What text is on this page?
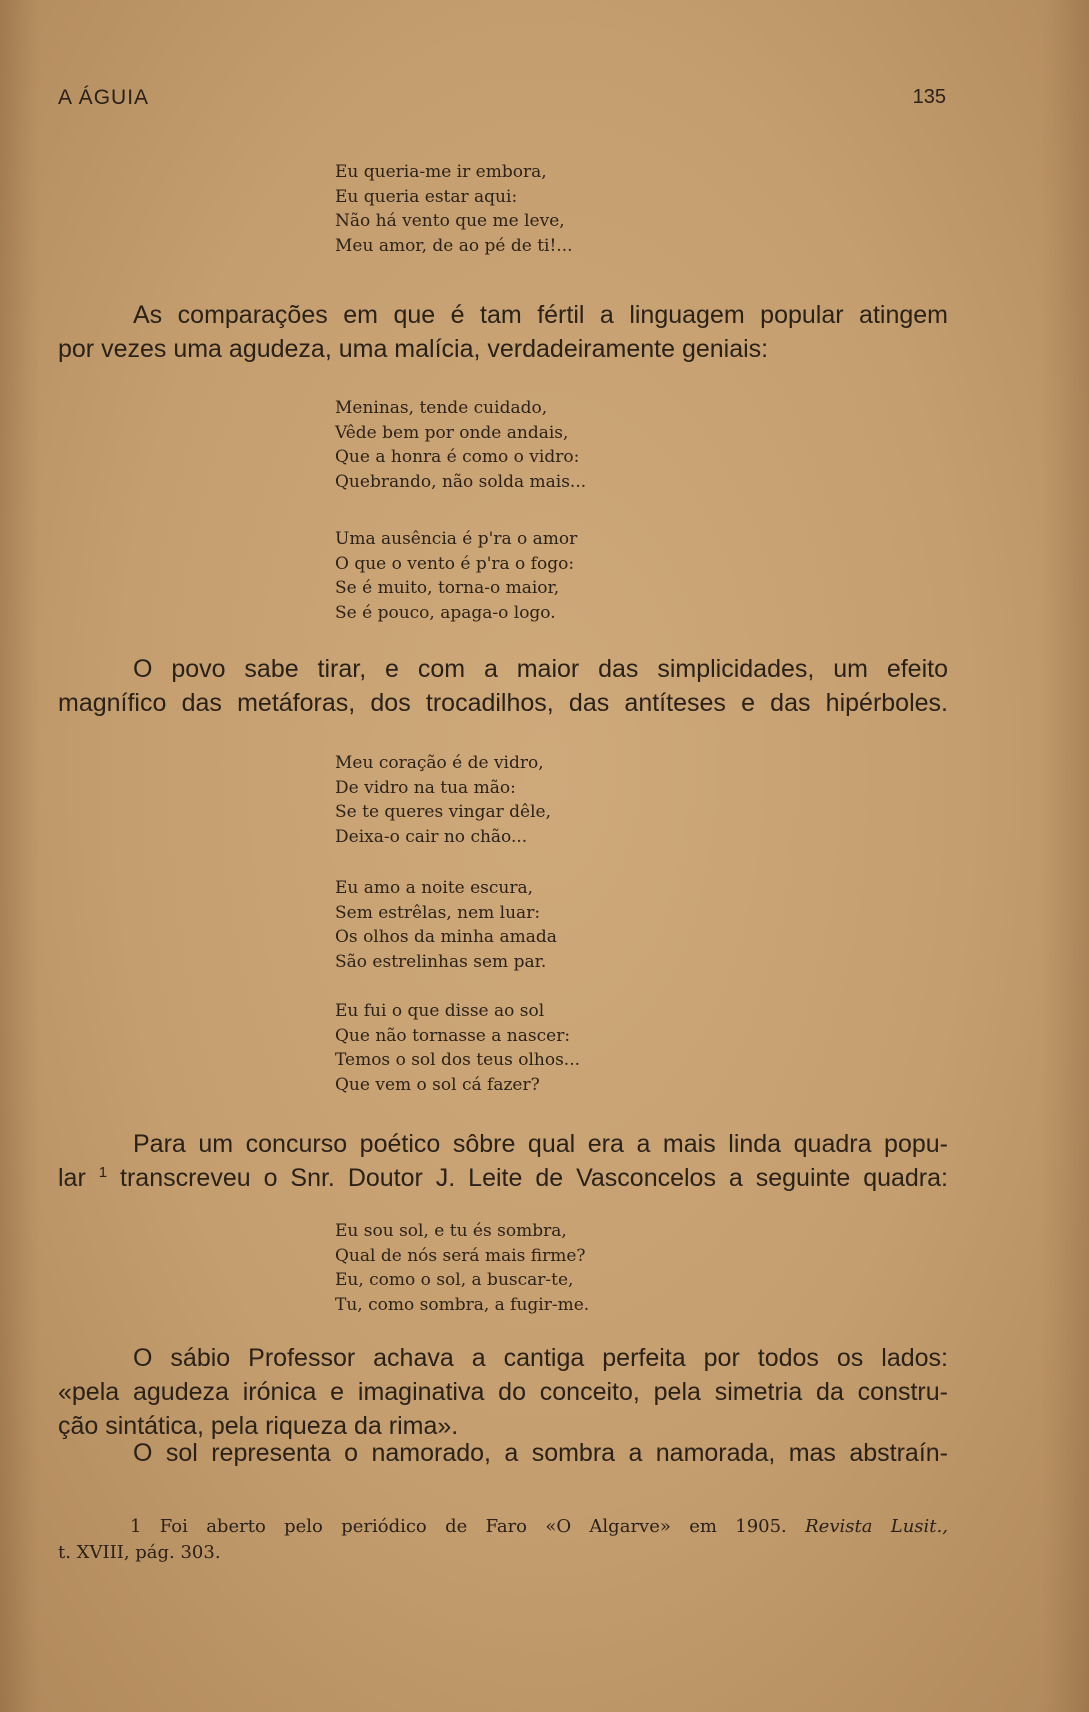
A ÁGUIA	135
Eu queria-me ir embora,
Eu queria estar aqui:
Não há vento que me leve,
Meu amor, de ao pé de ti!...

As comparações em que é tam fértil a linguagem popular atingem
por vezes uma agudeza, uma malícia, verdadeiramente geniais:

Meninas, tende cuidado,
Vêde bem por onde andais,
Que a honra é como o vidro:
Quebrando, não solda mais...
Uma ausência é p'ra o amor
O que o vento é p'ra o fogo:
Se é muito, torna-o maior,
Se é pouco, apaga-o logo.

O povo sabe tirar, e com a maior das simplicidades, um efeito
magnífico das metáforas, dos trocadilhos, das antíteses e das hipérboles.

Meu coração é de vidro,
De vidro na tua mão:
Se te queres vingar dêle,
Deixa-o cair no chão...
Eu amo a noite escura,
Sem estrêlas, nem luar:
Os olhos da minha amada
São estrelinhas sem par.
Eu fui o que disse ao sol
Que não tornasse a nascer:
Temos o sol dos teus olhos...
Que vem o sol cá fazer?

Para um concurso poético sôbre qual era a mais linda quadra popu-
lar $^1$ transcreveu o Snr. Doutor J. Leite de Vasconcelos a seguinte quadra:

Eu sou sol, e tu és sombra,
Qual de nós será mais firme?
Eu, como o sol, a buscar-te,
Tu, como sombra, a fugir-me.

O sábio Professor achava a cantiga perfeita por todos os lados:
«pela agudeza irónica e imaginativa do conceito, pela simetria da constru-
ção sintática, pela riqueza da rima».

O sol representa o namorado, a sombra a namorada, mas abstraín-

1 Foi aberto pelo periódico de Faro «O Algarve» em 1905. Revista Lusit.,
t. XVIII, pág. 303.
